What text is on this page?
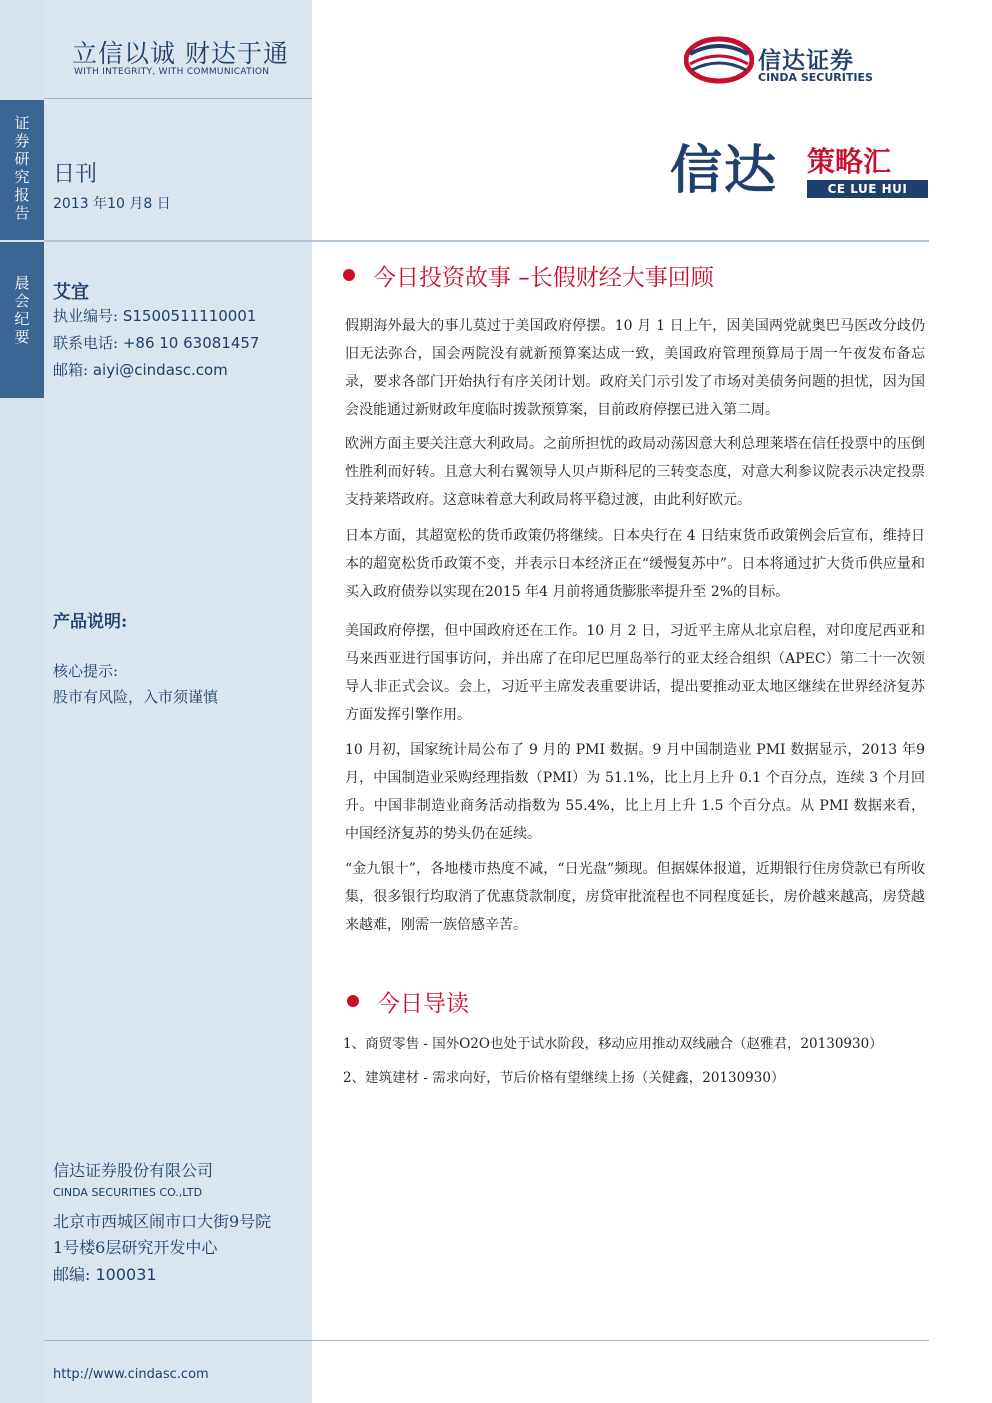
证
券
研
究
报
告
晨
会
纪
要
立信以诚 财达于通
WITH INTEGRITY, WITH COMMUNICATION
日刊
2013 年10 月8 日
艾宜
执业编号: S1500511110001
联系电话: +86 10 63081457
邮箱: aiyi@cindasc.com
产品说明:
核心提示:
股市有风险，入市须谨慎
信达证券股份有限公司
CINDA SECURITIES CO.,LTD
北京市西城区闹市口大街9号院
1号楼6层研究开发中心
邮编: 100031
http://www.cindasc.com
信达证券
CINDA SECURITIES
信达 策略汇
CE LUE HUI
今日投资故事 –长假财经大事回顾
假期海外最大的事儿莫过于美国政府停摆。10 月 1 日上午，因美国两党就奥巴马医改分歧仍旧无法弥合，国会两院没有就新预算案达成一致，美国政府管理预算局于周一午夜发布备忘录，要求各部门开始执行有序关闭计划。政府关门示引发了市场对美债务问题的担忧，因为国会没能通过新财政年度临时拨款预算案，目前政府停摆已进入第二周。
欧洲方面主要关注意大利政局。之前所担忧的政局动荡因意大利总理莱塔在信任投票中的压倒性胜利而好转。且意大利右翼领导人贝卢斯科尼的三转变态度，对意大利参议院表示决定投票支持莱塔政府。这意味着意大利政局将平稳过渡，由此利好欧元。
日本方面，其超宽松的货币政策仍将继续。日本央行在 4 日结束货币政策例会后宣布，维持日本的超宽松货币政策不变，并表示日本经济正在“缓慢复苏中”。日本将通过扩大货币供应量和买入政府债券以实现在2015 年4 月前将通货膨胀率提升至 2%的目标。
美国政府停摆，但中国政府还在工作。10 月 2 日，习近平主席从北京启程，对印度尼西亚和马来西亚进行国事访问，并出席了在印尼巴厘岛举行的亚太经合组织（APEC）第二十一次领导人非正式会议。会上，习近平主席发表重要讲话，提出要推动亚太地区继续在世界经济复苏方面发挥引擎作用。
10 月初，国家统计局公布了 9 月的 PMI 数据。9 月中国制造业 PMI 数据显示，2013 年9 月，中国制造业采购经理指数（PMI）为 51.1%，比上月上升 0.1 个百分点，连续 3 个月回升。中国非制造业商务活动指数为 55.4%，比上月上升 1.5 个百分点。从 PMI 数据来看，中国经济复苏的势头仍在延续。
“金九银十”，各地楼市热度不减，“日光盘”频现。但据媒体报道，近期银行住房贷款已有所收集，很多银行均取消了优惠贷款制度，房贷审批流程也不同程度延长，房价越来越高，房贷越来越难，刚需一族倍感辛苦。
今日导读
1、商贸零售 - 国外O2O也处于试水阶段，移动应用推动双线融合（赵雅君，20130930）
2、建筑建材 - 需求向好，节后价格有望继续上扬（关健鑫，20130930）
